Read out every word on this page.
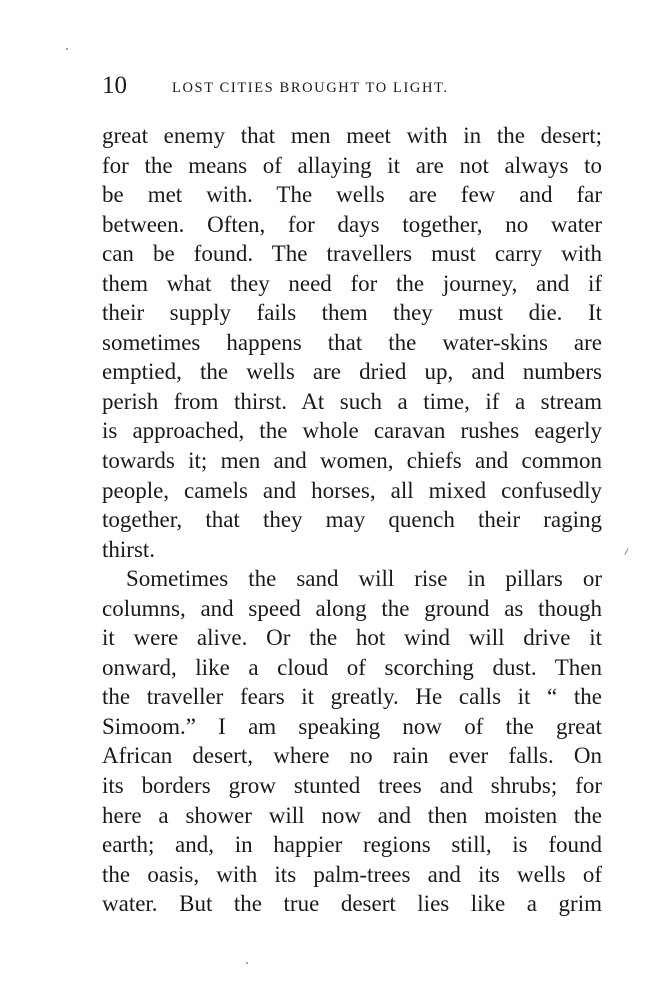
10	LOST CITIES BROUGHT TO LIGHT.
great enemy that men meet with in the desert;
for the means of allaying it are not always to
be met with. The wells are few and far
between. Often, for days together, no water
can be found. The travellers must carry with
them what they need for the journey, and if
their supply fails them they must die. It
sometimes happens that the water-skins are
emptied, the wells are dried up, and numbers
perish from thirst. At such a time, if a stream
is approached, the whole caravan rushes eagerly
towards it; men and women, chiefs and common
people, camels and horses, all mixed confusedly
together, that they may quench their raging
thirst.
Sometimes the sand will rise in pillars or
columns, and speed along the ground as though
it were alive. Or the hot wind will drive it
onward, like a cloud of scorching dust. Then
the traveller fears it greatly. He calls it “ the
Simoom.” I am speaking now of the great
African desert, where no rain ever falls. On
its borders grow stunted trees and shrubs; for
here a shower will now and then moisten the
earth; and, in happier regions still, is found
the oasis, with its palm-trees and its wells of
water. But the true desert lies like a grim
